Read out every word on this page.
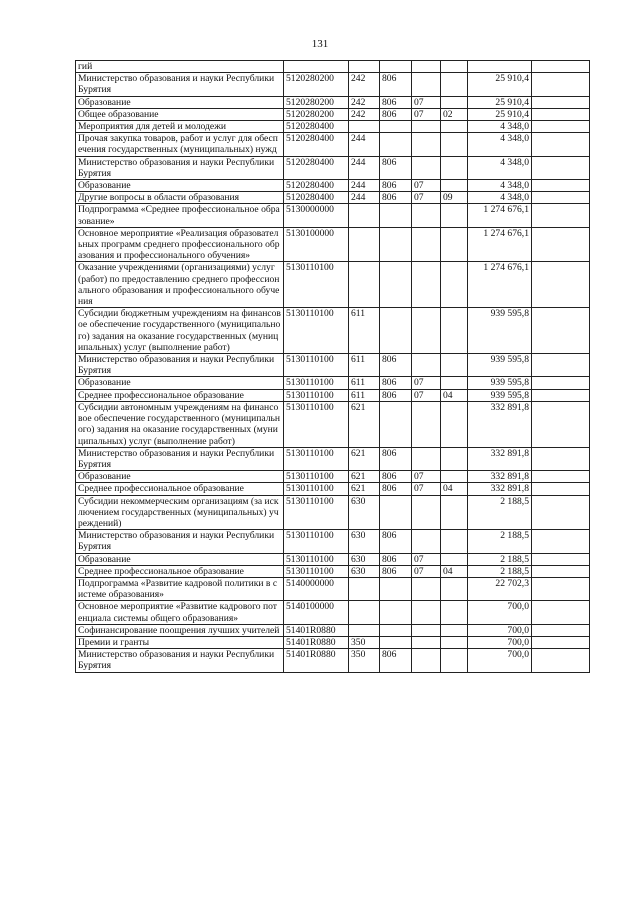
131
гий							
Министерство образования и науки Республики Бурятия	5120280200	242	806			25 910,4	
Образование	5120280200	242	806	07		25 910,4	
Общее образование	5120280200	242	806	07	02	25 910,4	
Мероприятия для детей и молодежи	5120280400					4 348,0	
Прочая закупка товаров, работ и услуг для обеспечения государственных (муниципальных) нужд	5120280400	244				4 348,0	
Министерство образования и науки Республики Бурятия	5120280400	244	806			4 348,0	
Образование	5120280400	244	806	07		4 348,0	
Другие вопросы в области образования	5120280400	244	806	07	09	4 348,0	
Подпрограмма «Среднее профессиональное образование»	5130000000					1 274 676,1	
Основное мероприятие «Реализация образовательных программ среднего профессионального образования и профессионального обучения»	5130100000					1 274 676,1	
Оказание учреждениями (организациями) услуг (работ) по предоставлению среднего профессионального образования и профессионального обучения	5130110100					1 274 676,1	
Субсидии бюджетным учреждениям на финансовое обеспечение государственного (муниципального) задания на оказание государственных (муниципальных) услуг (выполнение работ)	5130110100	611				939 595,8	
Министерство образования и науки Республики Бурятия	5130110100	611	806			939 595,8	
Образование	5130110100	611	806	07		939 595,8	
Среднее профессиональное образование	5130110100	611	806	07	04	939 595,8	
Субсидии автономным учреждениям на финансовое обеспечение государственного (муниципального) задания на оказание государственных (муниципальных) услуг (выполнение работ)	5130110100	621				332 891,8	
Министерство образования и науки Республики Бурятия	5130110100	621	806			332 891,8	
Образование	5130110100	621	806	07		332 891,8	
Среднее профессиональное образование	5130110100	621	806	07	04	332 891,8	
Субсидии некоммерческим организациям (за исключением государственных (муниципальных) учреждений)	5130110100	630				2 188,5	
Министерство образования и науки Республики Бурятия	5130110100	630	806			2 188,5	
Образование	5130110100	630	806	07		2 188,5	
Среднее профессиональное образование	5130110100	630	806	07	04	2 188,5	
Подпрограмма «Развитие кадровой политики в системе образования»	5140000000					22 702,3	
Основное мероприятие «Развитие кадрового потенциала системы общего образования»	5140100000					700,0	
Софинансирование поощрения лучших учителей	51401R0880					700,0	
Премии и гранты	51401R0880	350				700,0	
Министерство образования и науки Республики Бурятия	51401R0880	350	806			700,0	
